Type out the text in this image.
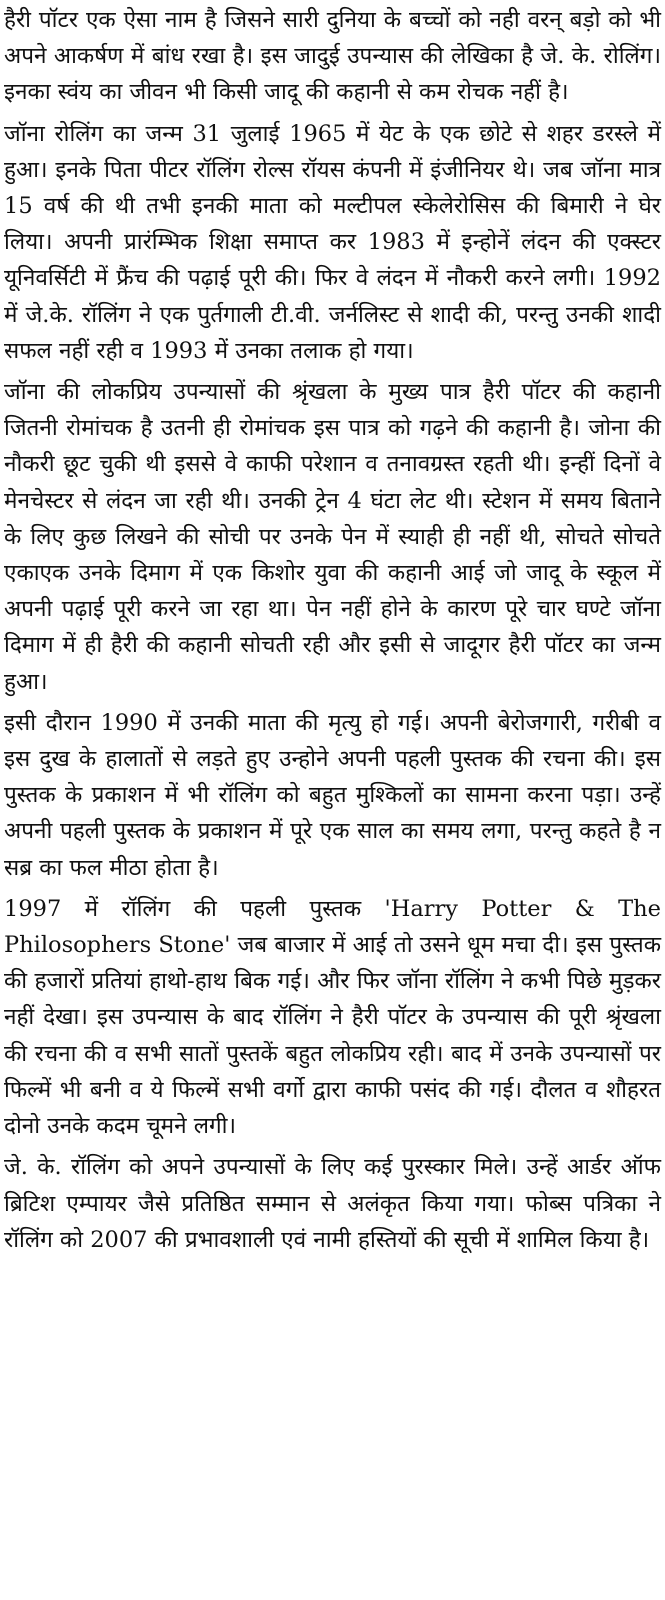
हैरी पॉटर एक ऐसा नाम है जिसने सारी दुनिया के बच्चों को नही वरन् बड़ो को भी अपने आकर्षण में बांध रखा है। इस जादुई उपन्यास की लेखिका है जे. के. रोलिंग। इनका स्वंय का जीवन भी किसी जादू की कहानी से कम रोचक नहीं है।

जॉना रोलिंग का जन्म 31 जुलाई 1965 में येट के एक छोटे से शहर डरस्ले में हुआ। इनके पिता पीटर रॉलिंग रोल्स रॉयस कंपनी में इंजीनियर थे। जब जॉना मात्र 15 वर्ष की थी तभी इनकी माता को मल्टीपल स्केलेरोसिस की बिमारी ने घेर लिया। अपनी प्रारंम्भिक शिक्षा समाप्त कर 1983 में इन्होनें लंदन की एक्स्टर यूनिवर्सिटी में फ्रैंच की पढ़ाई पूरी की। फिर वे लंदन में नौकरी करने लगी। 1992 में जे.के. रॉलिंग ने एक पुर्तगाली टी.वी. जर्नलिस्ट से शादी की, परन्तु उनकी शादी सफल नहीं रही व 1993 में उनका तलाक हो गया।

जॉना की लोकप्रिय उपन्यासों की श्रृंखला के मुख्य पात्र हैरी पॉटर की कहानी जितनी रोमांचक है उतनी ही रोमांचक इस पात्र को गढ़ने की कहानी है। जोना की नौकरी छूट चुकी थी इससे वे काफी परेशान व तनावग्रस्त रहती थी। इन्हीं दिनों वे मेनचेस्टर से लंदन जा रही थी। उनकी ट्रेन 4 घंटा लेट थी। स्टेशन में समय बिताने के लिए कुछ लिखने की सोची पर उनके पेन में स्याही ही नहीं थी, सोचते सोचते एकाएक उनके दिमाग में एक किशोर युवा की कहानी आई जो जादू के स्कूल में अपनी पढ़ाई पूरी करने जा रहा था। पेन नहीं होने के कारण पूरे चार घण्टे जॉना दिमाग में ही हैरी की कहानी सोचती रही और इसी से जादूगर हैरी पॉटर का जन्म हुआ।

इसी दौरान 1990 में उनकी माता की मृत्यु हो गई। अपनी बेरोजगारी, गरीबी व इस दुख के हालातों से लड़ते हुए उन्होने अपनी पहली पुस्तक की रचना की। इस पुस्तक के प्रकाशन में भी रॉलिंग को बहुत मुश्किलों का सामना करना पड़ा। उन्हें अपनी पहली पुस्तक के प्रकाशन में पूरे एक साल का समय लगा, परन्तु कहते है न सब्र का फल मीठा होता है।

1997 में रॉलिंग की पहली पुस्तक 'Harry Potter & The Philosophers Stone' जब बाजार में आई तो उसने धूम मचा दी। इस पुस्तक की हजारों प्रतियां हाथो-हाथ बिक गई। और फिर जॉना रॉलिंग ने कभी पिछे मुड़कर नहीं देखा। इस उपन्यास के बाद रॉलिंग ने हैरी पॉटर के उपन्यास की पूरी श्रृंखला की रचना की व सभी सातों पुस्तकें बहुत लोकप्रिय रही। बाद में उनके उपन्यासों पर फिल्में भी बनी व ये फिल्में सभी वर्गो द्वारा काफी पसंद की गई। दौलत व शौहरत दोनो उनके कदम चूमने लगी।

जे. के. रॉलिंग को अपने उपन्यासों के लिए कई पुरस्कार मिले। उन्हें आर्डर ऑफ ब्रिटिश एम्पायर जैसे प्रतिष्ठित सम्मान से अलंकृत किया गया। फोब्स पत्रिका ने रॉलिंग को 2007 की प्रभावशाली एवं नामी हस्तियों की सूची में शामिल किया है।
